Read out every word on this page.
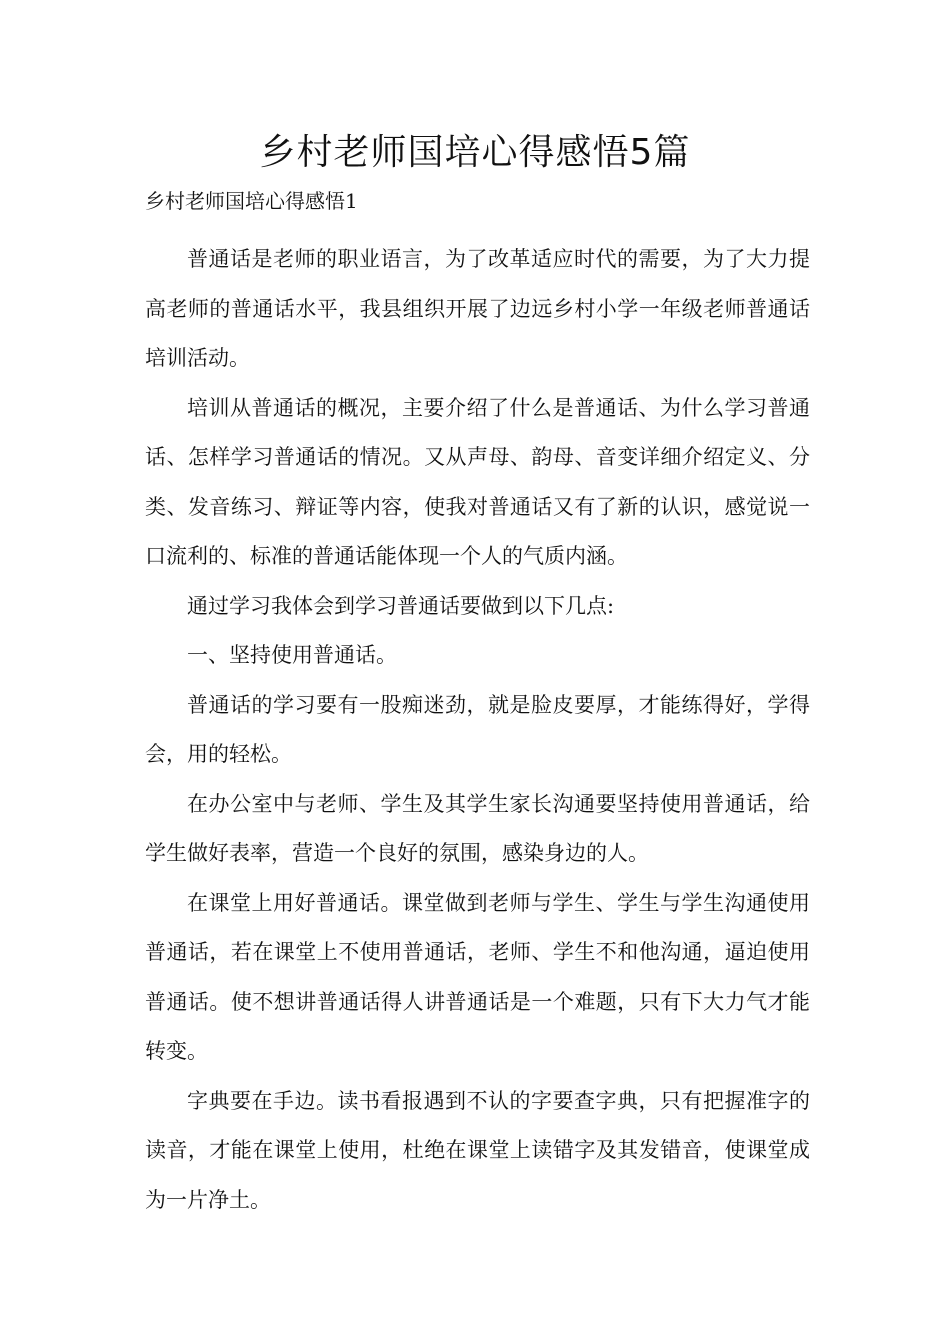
乡村老师国培心得感悟5篇

乡村老师国培心得感悟1

普通话是老师的职业语言，为了改革适应时代的需要，为了大力提高老师的普通话水平，我县组织开展了边远乡村小学一年级老师普通话培训活动。

培训从普通话的概况，主要介绍了什么是普通话、为什么学习普通话、怎样学习普通话的情况。又从声母、韵母、音变详细介绍定义、分类、发音练习、辩证等内容，使我对普通话又有了新的认识，感觉说一口流利的、标准的普通话能体现一个人的气质内涵。

通过学习我体会到学习普通话要做到以下几点:

一、坚持使用普通话。

普通话的学习要有一股痴迷劲，就是脸皮要厚，才能练得好，学得会，用的轻松。

在办公室中与老师、学生及其学生家长沟通要坚持使用普通话，给学生做好表率，营造一个良好的氛围，感染身边的人。

在课堂上用好普通话。课堂做到老师与学生、学生与学生沟通使用普通话，若在课堂上不使用普通话，老师、学生不和他沟通，逼迫使用普通话。使不想讲普通话得人讲普通话是一个难题，只有下大力气才能转变。

字典要在手边。读书看报遇到不认的字要查字典，只有把握准字的读音，才能在课堂上使用，杜绝在课堂上读错字及其发错音，使课堂成为一片净土。
